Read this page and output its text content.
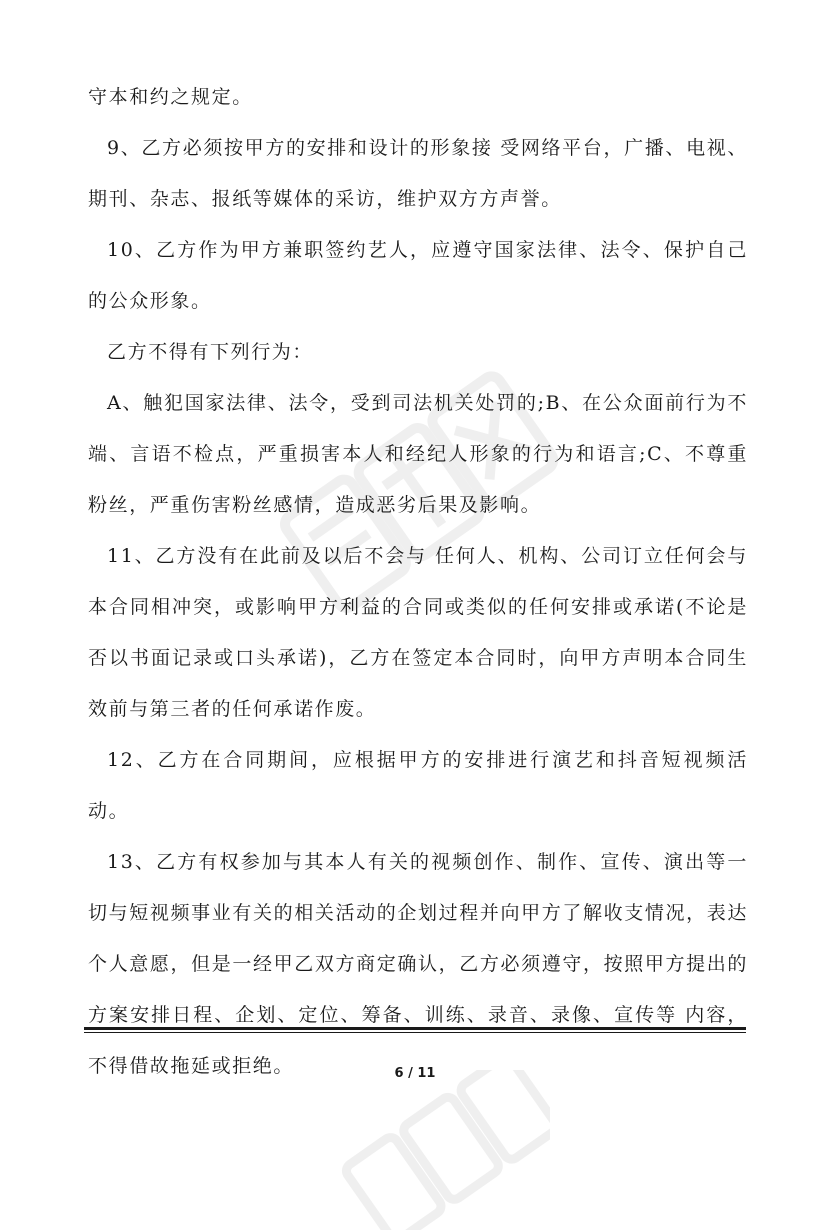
守本和约之规定。

9、乙方必须按甲方的安排和设计的形象接 受网络平台，广播、电视、期刊、杂志、报纸等媒体的采访，维护双方方声誉。

10、乙方作为甲方兼职签约艺人，应遵守国家法律、法令、保护自己的公众形象。

乙方不得有下列行为：

A、触犯国家法律、法令，受到司法机关处罚的;B、在公众面前行为不端、言语不检点，严重损害本人和经纪人形象的行为和语言;C、不尊重粉丝，严重伤害粉丝感情，造成恶劣后果及影响。

11、乙方没有在此前及以后不会与 任何人、机构、公司订立任何会与本合同相冲突，或影响甲方利益的合同或类似的任何安排或承诺(不论是否以书面记录或口头承诺)，乙方在签定本合同时，向甲方声明本合同生效前与第三者的任何承诺作废。

12、乙方在合同期间，应根据甲方的安排进行演艺和抖音短视频活动。

13、乙方有权参加与其本人有关的视频创作、制作、宣传、演出等一切与短视频事业有关的相关活动的企划过程并向甲方了解收支情况，表达个人意愿，但是一经甲乙双方商定确认，乙方必须遵守，按照甲方提出的方案安排日程、企划、定位、筹备、训练、录音、录像、宣传等 内容，不得借故拖延或拒绝。	6 / 11
